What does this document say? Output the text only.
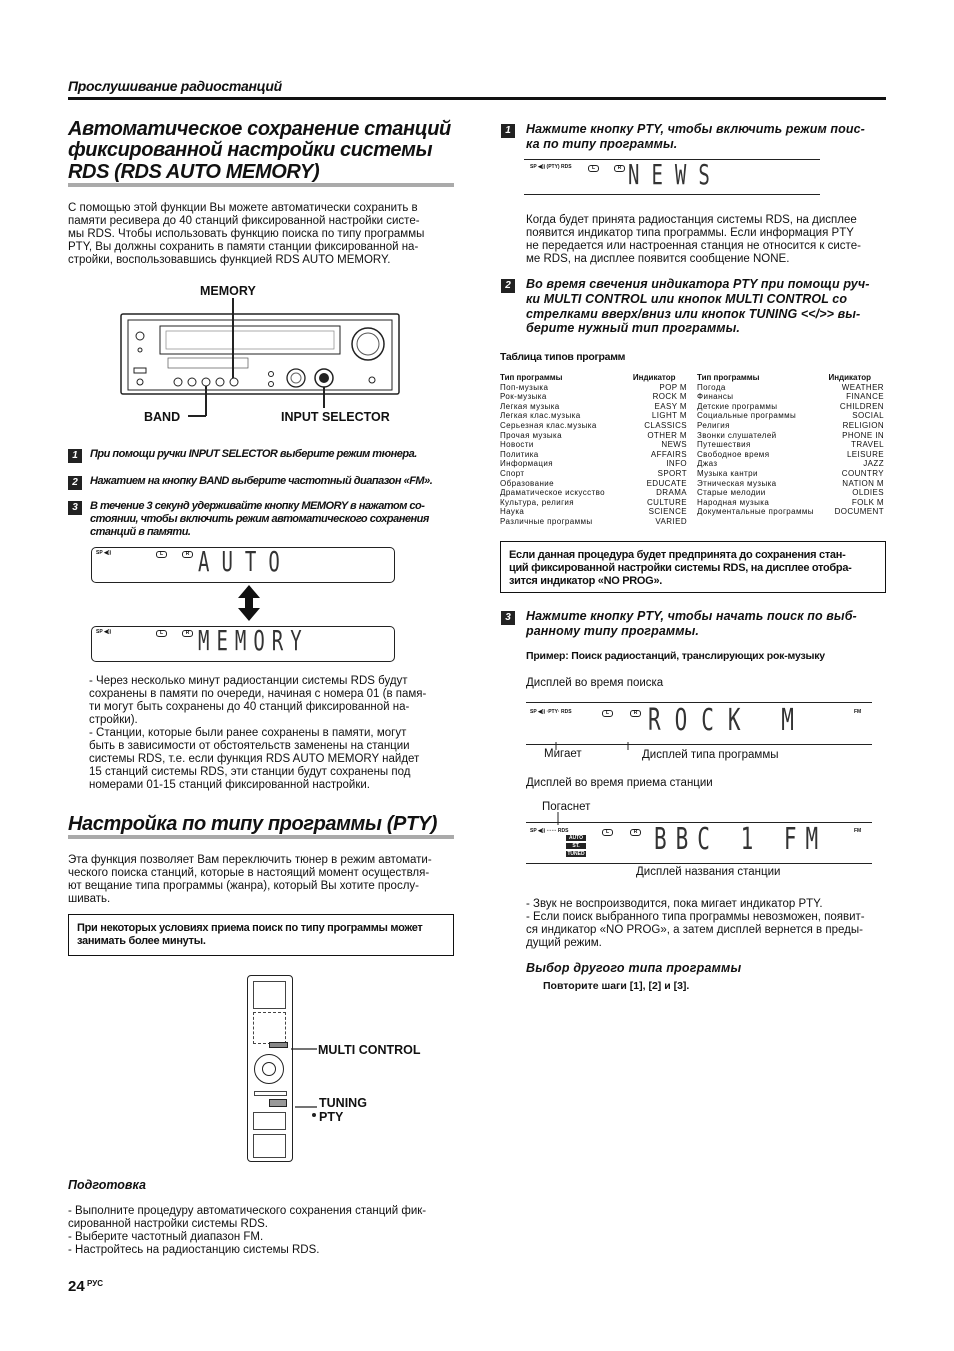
Прослушивание радиостанций
Автоматическое сохранение станций
фиксированной настройки системы
RDS (RDS AUTO MEMORY)
С помощью этой функции Вы можете автоматически сохранить в
памяти ресивера до 40 станций фиксированной настройки систе-
мы RDS. Чтобы использовать функцию поиска по типу программы
PTY, Вы должны сохранить в памяти станции фиксированной на-
стройки, воспользовавшись функцией RDS AUTO MEMORY.
MEMORY
BAND	INPUT SELECTOR
1	При помощи ручки INPUT SELECTOR выберите режим тюнера.
2	Нажатием на кнопку BAND выберите частотный диапазон «FM».
3	В течение 3 секунд удерживайте кнопку MEMORY в нажатом со-
стоянии, чтобы включить режим автоматического сохранения
станций в памяти.
SP ◀))	L	R AUTO
SP ◀))	L	R MEMORY
- Через несколько минут радиостанции системы RDS будут
сохранены в памяти по очереди, начиная с номера 01 (в памя-
ти могут быть сохранены до 40 станций фиксированной на-
стройки).
- Станции, которые были ранее сохранены в памяти, могут
быть в зависимости от обстоятельств заменены на станции
системы RDS, т.е. если функция RDS AUTO MEMORY найдет
15 станций системы RDS, эти станции будут сохранены под
номерами 01-15 станций фиксированной настройки.
Настройка по типу программы (PTY)
Эта функция позволяет Вам переключить тюнер в режим автомати-
ческого поиска станций, которые в настоящий момент осуществля-
ют вещание типа программы (жанра), который Вы хотите прослу-
шивать.
При некоторых условиях приема поиск по типу программы может
занимать более минуты.
MULTI CONTROL
TUNING
PTY
Подготовка
- Выполните процедуру автоматического сохранения станций фик-
сированной настройки системы RDS.
- Выберите частотный диапазон FM.
- Настройтесь на радиостанцию системы RDS.
24 РУС
1	Нажмите кнопку PTY, чтобы включить режим поис-
ка по типу программы.
SP ◀)) (PTY) RDS	L	R NEWS
Когда будет принята радиостанция системы RDS, на дисплее
появится индикатор типа программы. Если информация PTY
не передается или настроенная станция не относится к систе-
ме RDS, на дисплее появится сообщение NONE.
2	Во время свечения индикатора PTY при помощи руч-
ки MULTI CONTROL или кнопок MULTI CONTROL со
стрелками вверх/вниз или кнопок TUNING <</>> вы-
берите нужный тип программы.
Таблица типов программ
Тип программы	Индикатор
Поп-музыка	POP M
Рок-музыка	ROCK M
Легкая музыка	EASY M
Легкая клас.музыка	LIGHT M
Серьезная клас.музыка	CLASSICS
Прочая музыка	OTHER M
Новости	NEWS
Политика	AFFAIRS
Информация	INFO
Спорт	SPORT
Образование	EDUCATE
Драматическое искусство	DRAMA
Культура, религия	CULTURE
Наука	SCIENCE
Различные программы	VARIED
Тип программы	Индикатор
Погода	WEATHER
Финансы	FINANCE
Детские программы	CHILDREN
Социальные программы	SOCIAL
Религия	RELIGION
Звонки слушателей	PHONE IN
Путешествия	TRAVEL
Свободное время	LEISURE
Джаз	JAZZ
Музыка кантри	COUNTRY
Этническая музыка	NATION M
Старые мелодии	OLDIES
Народная музыка	FOLK M
Документальные программы	DOCUMENT
Если данная процедура будет предпринята до сохранения стан-
ций фиксированной настройки системы RDS, на дисплее отобра-
зится индикатор «NO PROG».
3	Нажмите кнопку PTY, чтобы начать поиск по выб-
ранному типу программы.
Пример: Поиск радиостанций, транслирующих рок-музыку
Дисплей во время поиска
SP ◀)) ·PTY· RDS	L	R ROCK M	FM
Мигает	Дисплей типа программы
Дисплей во время приема станции
Погаснет
SP ◀)) ⋯⋯ RDS
AUTO
ST.
TUNED
L	R BBC 1 FM	FM
Дисплей названия станции
- Звук не воспроизводится, пока мигает индикатор PTY.
- Если поиск выбранного типа программы невозможен, появит-
ся индикатор «NO PROG», а затем дисплей вернется в преды-
дущий режим.
Выбор другого типа программы
Повторите шаги [1], [2] и [3].
